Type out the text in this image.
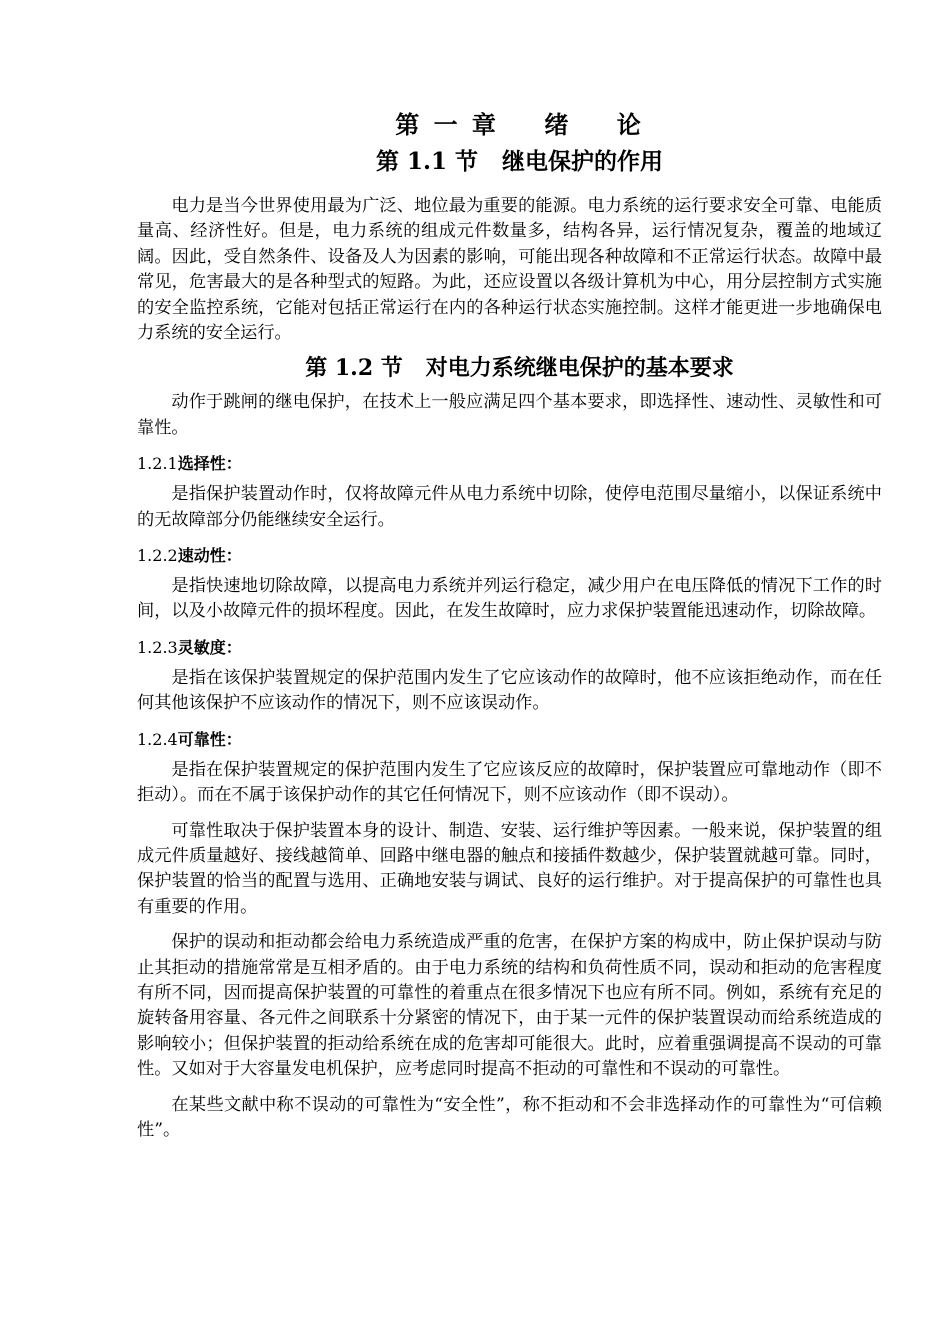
第 一 章    绪    论
第 1.1 节   继电保护的作用

电力是当今世界使用最为广泛、地位最为重要的能源。电力系统的运行要求安全可靠、电能质量高、经济性好。但是，电力系统的组成元件数量多，结构各异，运行情况复杂，覆盖的地域辽阔。因此，受自然条件、设备及人为因素的影响，可能出现各种故障和不正常运行状态。故障中最常见，危害最大的是各种型式的短路。为此，还应设置以各级计算机为中心，用分层控制方式实施的安全监控系统，它能对包括正常运行在内的各种运行状态实施控制。这样才能更进一步地确保电力系统的安全运行。

第 1.2 节   对电力系统继电保护的基本要求

动作于跳闸的继电保护，在技术上一般应满足四个基本要求，即选择性、速动性、灵敏性和可靠性。

1.2.1选择性：

是指保护装置动作时，仅将故障元件从电力系统中切除，使停电范围尽量缩小，以保证系统中的无故障部分仍能继续安全运行。

1.2.2速动性：

是指快速地切除故障，以提高电力系统并列运行稳定，减少用户在电压降低的情况下工作的时间，以及小故障元件的损坏程度。因此，在发生故障时，应力求保护装置能迅速动作，切除故障。

1.2.3灵敏度：

是指在该保护装置规定的保护范围内发生了它应该动作的故障时，他不应该拒绝动作，而在任何其他该保护不应该动作的情况下，则不应该误动作。

1.2.4可靠性：

是指在保护装置规定的保护范围内发生了它应该反应的故障时，保护装置应可靠地动作（即不拒动）。而在不属于该保护动作的其它任何情况下，则不应该动作（即不误动）。

可靠性取决于保护装置本身的设计、制造、安装、运行维护等因素。一般来说，保护装置的组成元件质量越好、接线越简单、回路中继电器的触点和接插件数越少，保护装置就越可靠。同时，保护装置的恰当的配置与选用、正确地安装与调试、良好的运行维护。对于提高保护的可靠性也具有重要的作用。

保护的误动和拒动都会给电力系统造成严重的危害，在保护方案的构成中，防止保护误动与防止其拒动的措施常常是互相矛盾的。由于电力系统的结构和负荷性质不同，误动和拒动的危害程度有所不同，因而提高保护装置的可靠性的着重点在很多情况下也应有所不同。例如，系统有充足的旋转备用容量、各元件之间联系十分紧密的情况下，由于某一元件的保护装置误动而给系统造成的影响较小；但保护装置的拒动给系统在成的危害却可能很大。此时，应着重强调提高不误动的可靠性。又如对于大容量发电机保护，应考虑同时提高不拒动的可靠性和不误动的可靠性。

在某些文献中称不误动的可靠性为“安全性”，称不拒动和不会非选择动作的可靠性为“可信赖性”。
